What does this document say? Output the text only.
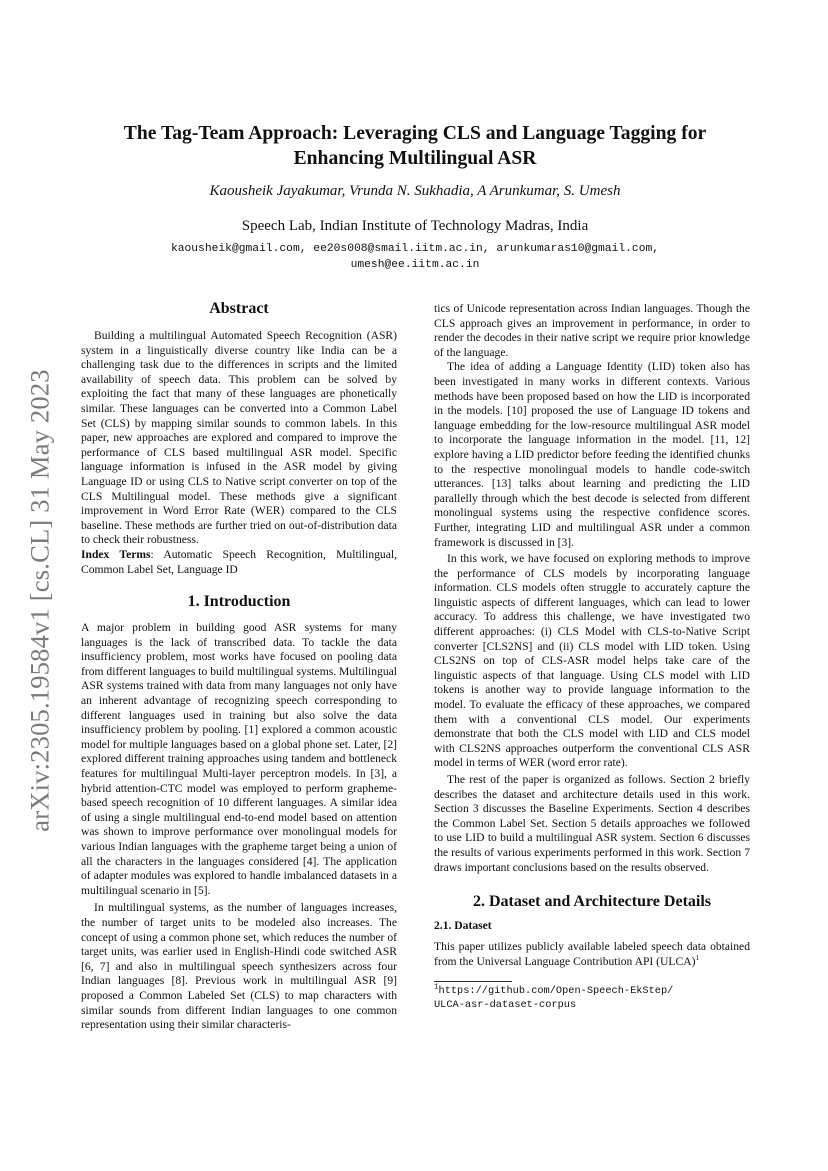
arXiv:2305.19584v1 [cs.CL] 31 May 2023
The Tag-Team Approach: Leveraging CLS and Language Tagging for Enhancing Multilingual ASR
Kaousheik Jayakumar, Vrunda N. Sukhadia, A Arunkumar, S. Umesh
Speech Lab, Indian Institute of Technology Madras, India
kaousheik@gmail.com, ee20s008@smail.iitm.ac.in, arunkumaras10@gmail.com,
umesh@ee.iitm.ac.in
Abstract

Building a multilingual Automated Speech Recognition (ASR) system in a linguistically diverse country like India can be a challenging task due to the differences in scripts and the limited availability of speech data. This problem can be solved by exploiting the fact that many of these languages are phonetically similar. These languages can be converted into a Common Label Set (CLS) by mapping similar sounds to common labels. In this paper, new approaches are explored and compared to improve the performance of CLS based multilingual ASR model. Specific language information is infused in the ASR model by giving Language ID or using CLS to Native script converter on top of the CLS Multilingual model. These methods give a significant improvement in Word Error Rate (WER) compared to the CLS baseline. These methods are further tried on out-of-distribution data to check their robustness.

Index Terms: Automatic Speech Recognition, Multilingual, Common Label Set, Language ID

1. Introduction

A major problem in building good ASR systems for many languages is the lack of transcribed data. To tackle the data insufficiency problem, most works have focused on pooling data from different languages to build multilingual systems. Multilingual ASR systems trained with data from many languages not only have an inherent advantage of recognizing speech corresponding to different languages used in training but also solve the data insufficiency problem by pooling. [1] explored a common acoustic model for multiple languages based on a global phone set. Later, [2] explored different training approaches using tandem and bottleneck features for multilingual Multi-layer perceptron models. In [3], a hybrid attention-CTC model was employed to perform grapheme-based speech recognition of 10 different languages. A similar idea of using a single multilingual end-to-end model based on attention was shown to improve performance over monolingual models for various Indian languages with the grapheme target being a union of all the characters in the languages considered [4]. The application of adapter modules was explored to handle imbalanced datasets in a multilingual scenario in [5].

In multilingual systems, as the number of languages increases, the number of target units to be modeled also increases. The concept of using a common phone set, which reduces the number of target units, was earlier used in English-Hindi code switched ASR [6, 7] and also in multilingual speech synthesizers across four Indian languages [8]. Previous work in multilingual ASR [9] proposed a Common Labeled Set (CLS) to map characters with similar sounds from different Indian languages to one common representation using their similar characteris-

tics of Unicode representation across Indian languages. Though the CLS approach gives an improvement in performance, in order to render the decodes in their native script we require prior knowledge of the language.

The idea of adding a Language Identity (LID) token also has been investigated in many works in different contexts. Various methods have been proposed based on how the LID is incorporated in the models. [10] proposed the use of Language ID tokens and language embedding for the low-resource multilingual ASR model to incorporate the language information in the model. [11, 12] explore having a LID predictor before feeding the identified chunks to the respective monolingual models to handle code-switch utterances. [13] talks about learning and predicting the LID parallelly through which the best decode is selected from different monolingual systems using the respective confidence scores. Further, integrating LID and multilingual ASR under a common framework is discussed in [3].

In this work, we have focused on exploring methods to improve the performance of CLS models by incorporating language information. CLS models often struggle to accurately capture the linguistic aspects of different languages, which can lead to lower accuracy. To address this challenge, we have investigated two different approaches: (i) CLS Model with CLS-to-Native Script converter [CLS2NS] and (ii) CLS model with LID token. Using CLS2NS on top of CLS-ASR model helps take care of the linguistic aspects of that language. Using CLS model with LID tokens is another way to provide language information to the model. To evaluate the efficacy of these approaches, we compared them with a conventional CLS model. Our experiments demonstrate that both the CLS model with LID and CLS model with CLS2NS approaches outperform the conventional CLS ASR model in terms of WER (word error rate).

The rest of the paper is organized as follows. Section 2 briefly describes the dataset and architecture details used in this work. Section 3 discusses the Baseline Experiments. Section 4 describes the Common Label Set. Section 5 details approaches we followed to use LID to build a multilingual ASR system. Section 6 discusses the results of various experiments performed in this work. Section 7 draws important conclusions based on the results observed.

2. Dataset and Architecture Details
2.1. Dataset

This paper utilizes publicly available labeled speech data obtained from the Universal Language Contribution API (ULCA)$^1$

$^1$https://github.com/Open-Speech-EkStep/
ULCA-asr-dataset-corpus
